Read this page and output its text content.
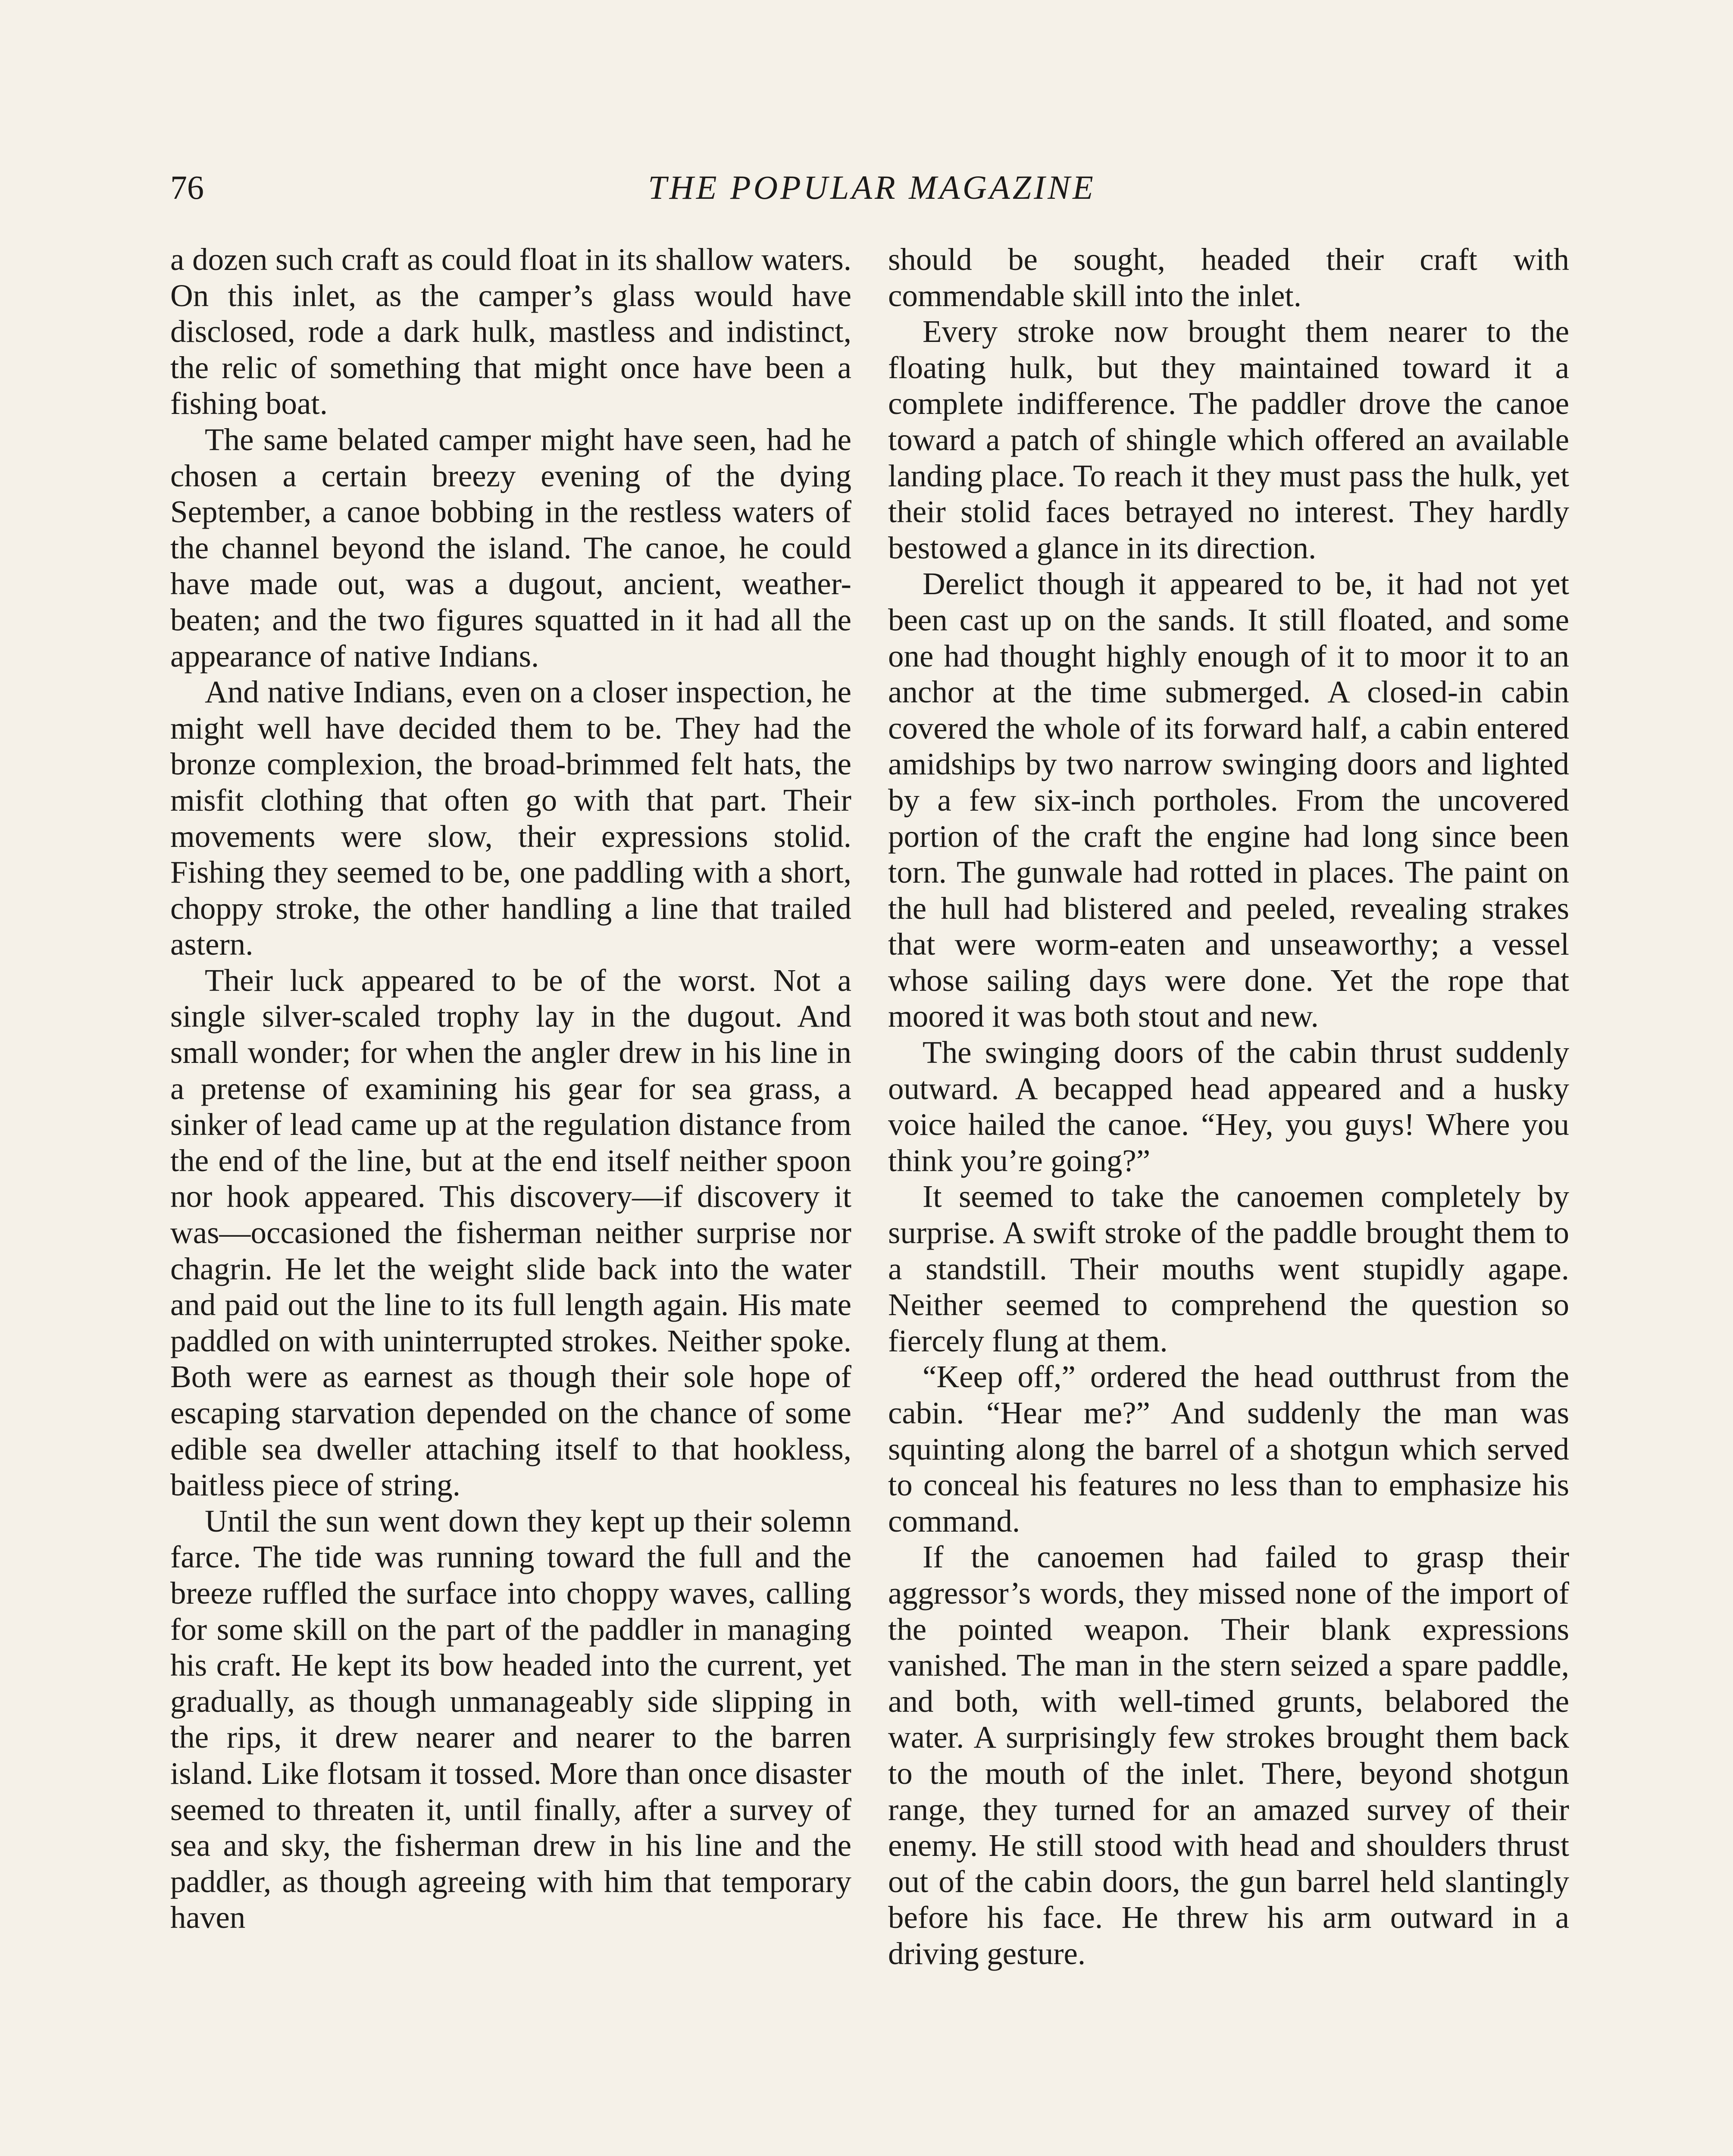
76	THE POPULAR MAGAZINE

a dozen such craft as could float in its shallow waters. On this inlet, as the camper’s glass would have disclosed, rode a dark hulk, mastless and indistinct, the relic of something that might once have been a fishing boat.

The same belated camper might have seen, had he chosen a certain breezy evening of the dying September, a canoe bobbing in the restless waters of the channel beyond the island. The canoe, he could have made out, was a dugout, ancient, weather-beaten; and the two figures squatted in it had all the appearance of native Indians.

And native Indians, even on a closer inspection, he might well have decided them to be. They had the bronze complexion, the broad-brimmed felt hats, the misfit clothing that often go with that part. Their movements were slow, their expressions stolid. Fishing they seemed to be, one paddling with a short, choppy stroke, the other handling a line that trailed astern.

Their luck appeared to be of the worst. Not a single silver-scaled trophy lay in the dugout. And small wonder; for when the angler drew in his line in a pretense of examining his gear for sea grass, a sinker of lead came up at the regulation distance from the end of the line, but at the end itself neither spoon nor hook appeared. This discovery—if discovery it was—occasioned the fisherman neither surprise nor chagrin. He let the weight slide back into the water and paid out the line to its full length again. His mate paddled on with uninterrupted strokes. Neither spoke. Both were as earnest as though their sole hope of escaping starvation depended on the chance of some edible sea dweller attaching itself to that hookless, baitless piece of string.

Until the sun went down they kept up their solemn farce. The tide was running toward the full and the breeze ruffled the surface into choppy waves, calling for some skill on the part of the paddler in managing his craft. He kept its bow headed into the current, yet gradually, as though unmanageably side slipping in the rips, it drew nearer and nearer to the barren island. Like flotsam it tossed. More than once disaster seemed to threaten it, until finally, after a survey of sea and sky, the fisherman drew in his line and the paddler, as though agreeing with him that temporary haven

should be sought, headed their craft with commendable skill into the inlet.

Every stroke now brought them nearer to the floating hulk, but they maintained toward it a complete indifference. The paddler drove the canoe toward a patch of shingle which offered an available landing place. To reach it they must pass the hulk, yet their stolid faces betrayed no interest. They hardly bestowed a glance in its direction.

Derelict though it appeared to be, it had not yet been cast up on the sands. It still floated, and some one had thought highly enough of it to moor it to an anchor at the time submerged. A closed-in cabin covered the whole of its forward half, a cabin entered amidships by two narrow swinging doors and lighted by a few six-inch portholes. From the uncovered portion of the craft the engine had long since been torn. The gunwale had rotted in places. The paint on the hull had blistered and peeled, revealing strakes that were worm-eaten and unseaworthy; a vessel whose sailing days were done. Yet the rope that moored it was both stout and new.

The swinging doors of the cabin thrust suddenly outward. A becapped head appeared and a husky voice hailed the canoe. “Hey, you guys! Where you think you’re going?”

It seemed to take the canoemen completely by surprise. A swift stroke of the paddle brought them to a standstill. Their mouths went stupidly agape. Neither seemed to comprehend the question so fiercely flung at them.

“Keep off,” ordered the head outthrust from the cabin. “Hear me?” And suddenly the man was squinting along the barrel of a shotgun which served to conceal his features no less than to emphasize his command.

If the canoemen had failed to grasp their aggressor’s words, they missed none of the import of the pointed weapon. Their blank expressions vanished. The man in the stern seized a spare paddle, and both, with well-timed grunts, belabored the water. A surprisingly few strokes brought them back to the mouth of the inlet. There, beyond shotgun range, they turned for an amazed survey of their enemy. He still stood with head and shoulders thrust out of the cabin doors, the gun barrel held slantingly before his face. He threw his arm outward in a driving gesture.
